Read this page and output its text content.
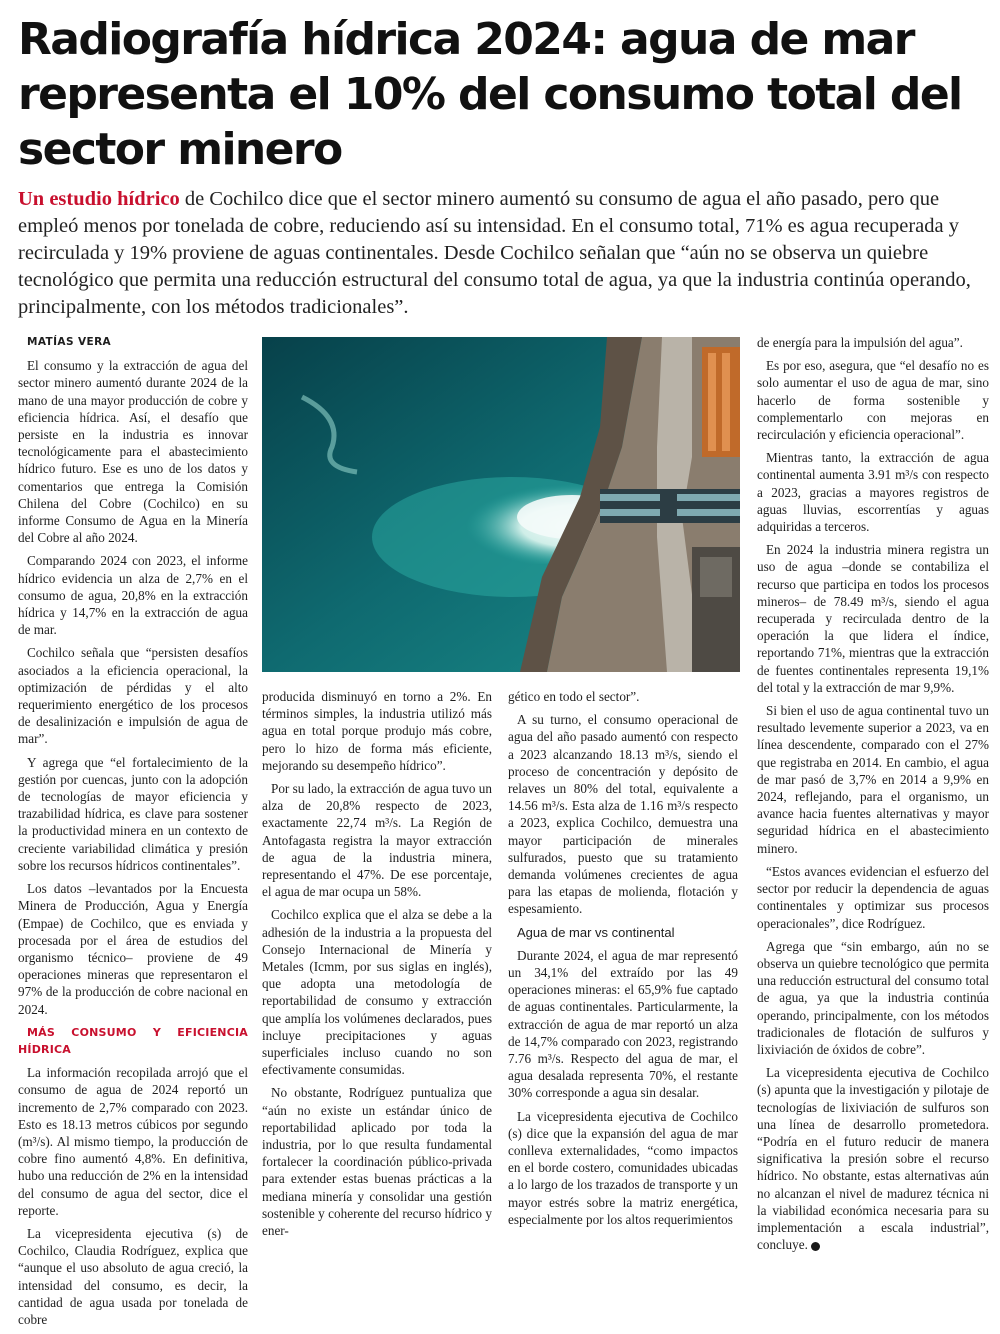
Radiografía hídrica 2024: agua de mar representa el 10% del consumo total del sector minero

Un estudio hídrico de Cochilco dice que el sector minero aumentó su consumo de agua el año pasado, pero que empleó menos por tonelada de cobre, reduciendo así su intensidad. En el consumo total, 71% es agua recuperada y recirculada y 19% proviene de aguas continentales. Desde Cochilco señalan que “aún no se observa un quiebre tecnológico que permita una reducción estructural del consumo total de agua, ya que la industria continúa operando, principalmente, con los métodos tradicionales”.

MATÍAS VERA

El consumo y la extracción de agua del sector minero aumentó durante 2024 de la mano de una mayor producción de cobre y eficiencia hídrica. Así, el desafío que persiste en la industria es innovar tecnológicamente para el abastecimiento hídrico futuro. Ese es uno de los datos y comentarios que entrega la Comisión Chilena del Cobre (Cochilco) en su informe Consumo de Agua en la Minería del Cobre al año 2024.

Comparando 2024 con 2023, el informe hídrico evidencia un alza de 2,7% en el consumo de agua, 20,8% en la extracción hídrica y 14,7% en la extracción de agua de mar.

Cochilco señala que “persisten desafíos asociados a la eficiencia operacional, la optimización de pérdidas y el alto requerimiento energético de los procesos de desalinización e impulsión de agua de mar”.

Y agrega que “el fortalecimiento de la gestión por cuencas, junto con la adopción de tecnologías de mayor eficiencia y trazabilidad hídrica, es clave para sostener la productividad minera en un contexto de creciente variabilidad climática y presión sobre los recursos hídricos continentales”.

Los datos –levantados por la Encuesta Minera de Producción, Agua y Energía (Empae) de Cochilco, que es enviada y procesada por el área de estudios del organismo técnico– proviene de 49 operaciones mineras que representaron el 97% de la producción de cobre nacional en 2024.

MÁS CONSUMO Y EFICIENCIA HÍDRICA

La información recopilada arrojó que el consumo de agua de 2024 reportó un incremento de 2,7% comparado con 2023. Esto es 18.13 metros cúbicos por segundo (m³/s). Al mismo tiempo, la producción de cobre fino aumentó 4,8%. En definitiva, hubo una reducción de 2% en la intensidad del consumo de agua del sector, dice el reporte.

La vicepresidenta ejecutiva (s) de Cochilco, Claudia Rodríguez, explica que “aunque el uso absoluto de agua creció, la intensidad del consumo, es decir, la cantidad de agua usada por tonelada de cobre

producida disminuyó en torno a 2%. En términos simples, la industria utilizó más agua en total porque produjo más cobre, pero lo hizo de forma más eficiente, mejorando su desempeño hídrico”.

Por su lado, la extracción de agua tuvo un alza de 20,8% respecto de 2023, exactamente 22,74 m³/s. La Región de Antofagasta registra la mayor extracción de agua de la industria minera, representando el 47%. De ese porcentaje, el agua de mar ocupa un 58%.

Cochilco explica que el alza se debe a la adhesión de la industria a la propuesta del Consejo Internacional de Minería y Metales (Icmm, por sus siglas en inglés), que adopta una metodología de reportabilidad de consumo y extracción que amplía los volúmenes declarados, pues incluye precipitaciones y aguas superficiales incluso cuando no son efectivamente consumidas.

No obstante, Rodríguez puntualiza que “aún no existe un estándar único de reportabilidad aplicado por toda la industria, por lo que resulta fundamental fortalecer la coordinación público-privada para extender estas buenas prácticas a la mediana minería y consolidar una gestión sostenible y coherente del recurso hídrico y ener-

gético en todo el sector”.

A su turno, el consumo operacional de agua del año pasado aumentó con respecto a 2023 alcanzando 18.13 m³/s, siendo el proceso de concentración y depósito de relaves un 80% del total, equivalente a 14.56 m³/s. Esta alza de 1.16 m³/s respecto a 2023, explica Cochilco, demuestra una mayor participación de minerales sulfurados, puesto que su tratamiento demanda volúmenes crecientes de agua para las etapas de molienda, flotación y espesamiento.

Agua de mar vs continental

Durante 2024, el agua de mar representó un 34,1% del extraído por las 49 operaciones mineras: el 65,9% fue captado de aguas continentales. Particularmente, la extracción de agua de mar reportó un alza de 14,7% comparado con 2023, registrando 7.76 m³/s. Respecto del agua de mar, el agua desalada representa 70%, el restante 30% corresponde a agua sin desalar.

La vicepresidenta ejecutiva de Cochilco (s) dice que la expansión del agua de mar conlleva externalidades, “como impactos en el borde costero, comunidades ubicadas a lo largo de los trazados de transporte y un mayor estrés sobre la matriz energética, especialmente por los altos requerimientos

de energía para la impulsión del agua”.

Es por eso, asegura, que “el desafío no es solo aumentar el uso de agua de mar, sino hacerlo de forma sostenible y complementarlo con mejoras en recirculación y eficiencia operacional”.

Mientras tanto, la extracción de agua continental aumenta 3.91 m³/s con respecto a 2023, gracias a mayores registros de aguas lluvias, escorrentías y aguas adquiridas a terceros.

En 2024 la industria minera registra un uso de agua –donde se contabiliza el recurso que participa en todos los procesos mineros– de 78.49 m³/s, siendo el agua recuperada y recirculada dentro de la operación la que lidera el índice, reportando 71%, mientras que la extracción de fuentes continentales representa 19,1% del total y la extracción de mar 9,9%.

Si bien el uso de agua continental tuvo un resultado levemente superior a 2023, va en línea descendente, comparado con el 27% que registraba en 2014. En cambio, el agua de mar pasó de 3,7% en 2014 a 9,9% en 2024, reflejando, para el organismo, un avance hacia fuentes alternativas y mayor seguridad hídrica en el abastecimiento minero.

“Estos avances evidencian el esfuerzo del sector por reducir la dependencia de aguas continentales y optimizar sus procesos operacionales”, dice Rodríguez.

Agrega que “sin embargo, aún no se observa un quiebre tecnológico que permita una reducción estructural del consumo total de agua, ya que la industria continúa operando, principalmente, con los métodos tradicionales de flotación de sulfuros y lixiviación de óxidos de cobre”.

La vicepresidenta ejecutiva de Cochilco (s) apunta que la investigación y pilotaje de tecnologías de lixiviación de sulfuros son una línea de desarrollo prometedora. “Podría en el futuro reducir de manera significativa la presión sobre el recurso hídrico. No obstante, estas alternativas aún no alcanzan el nivel de madurez técnica ni la viabilidad económica necesaria para su implementación a escala industrial”, concluye.
